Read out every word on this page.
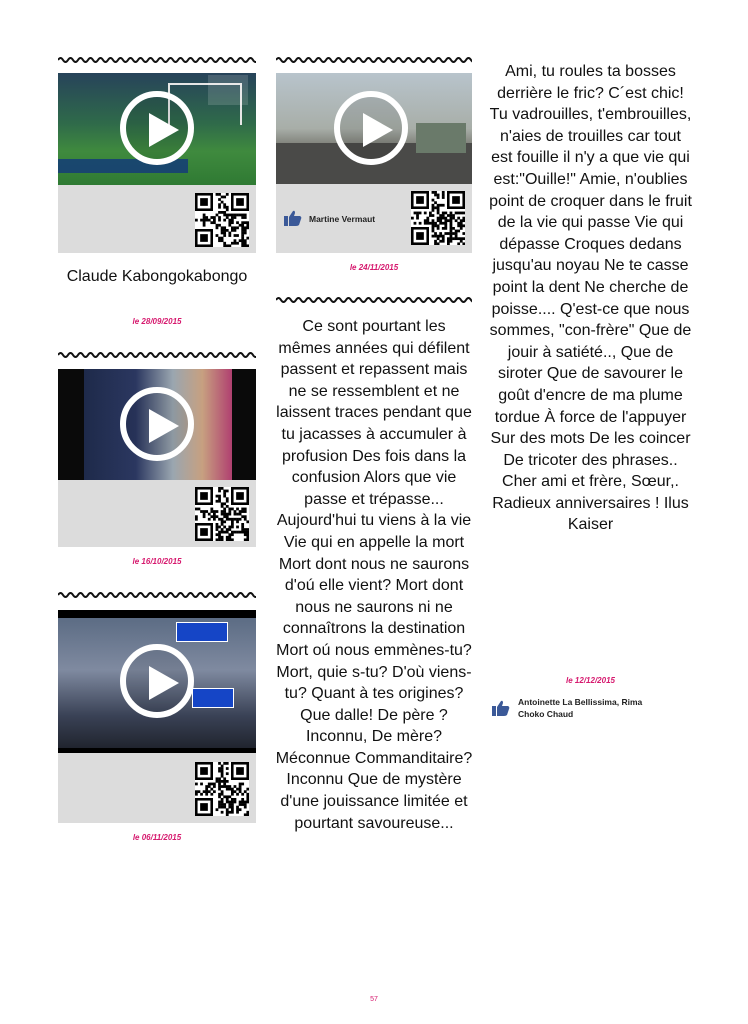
Claude Kabongokabongo
le 28/09/2015
le 16/10/2015
le 06/11/2015
Martine Vermaut
le 24/11/2015
Ce sont pourtant les mêmes années qui défilent passent et repassent mais ne se ressemblent et ne laissent traces pendant que tu jacasses à accumuler à profusion Des fois dans la confusion Alors que vie passe et trépasse... Aujourd'hui tu viens à la vie Vie qui en appelle la mort Mort dont nous ne saurons d'oú elle vient? Mort dont nous ne saurons ni ne connaîtrons la destination Mort oú nous emmènes-tu? Mort, quie s-tu? D'où viens-tu? Quant à tes origines? Que dalle! De père ? Inconnu, De mère? Méconnue Commanditaire? Inconnu Que de mystère d'une jouissance limitée et pourtant savoureuse...
Ami, tu roules ta bosses derrière le fric? C´est chic! Tu vadrouilles, t'embrouilles, n'aies de trouilles car tout est fouille il n'y a que vie qui est:"Ouille!" Amie, n'oublies point de croquer dans le fruit de la vie qui passe Vie qui dépasse Croques dedans jusqu'au noyau Ne te casse point la dent Ne cherche de poisse.... Q'est-ce que nous sommes, "con-frère" Que de jouir à satiété.., Que de siroter Que de savourer le goût d'encre de ma plume tordue À force de l'appuyer Sur des mots De les coincer De tricoter des phrases.. Cher ami et frère, Sœur,. Radieux anniversaires ! Ilus Kaiser
le 12/12/2015
Antoinette La Bellissima, Rima Choko Chaud
57
